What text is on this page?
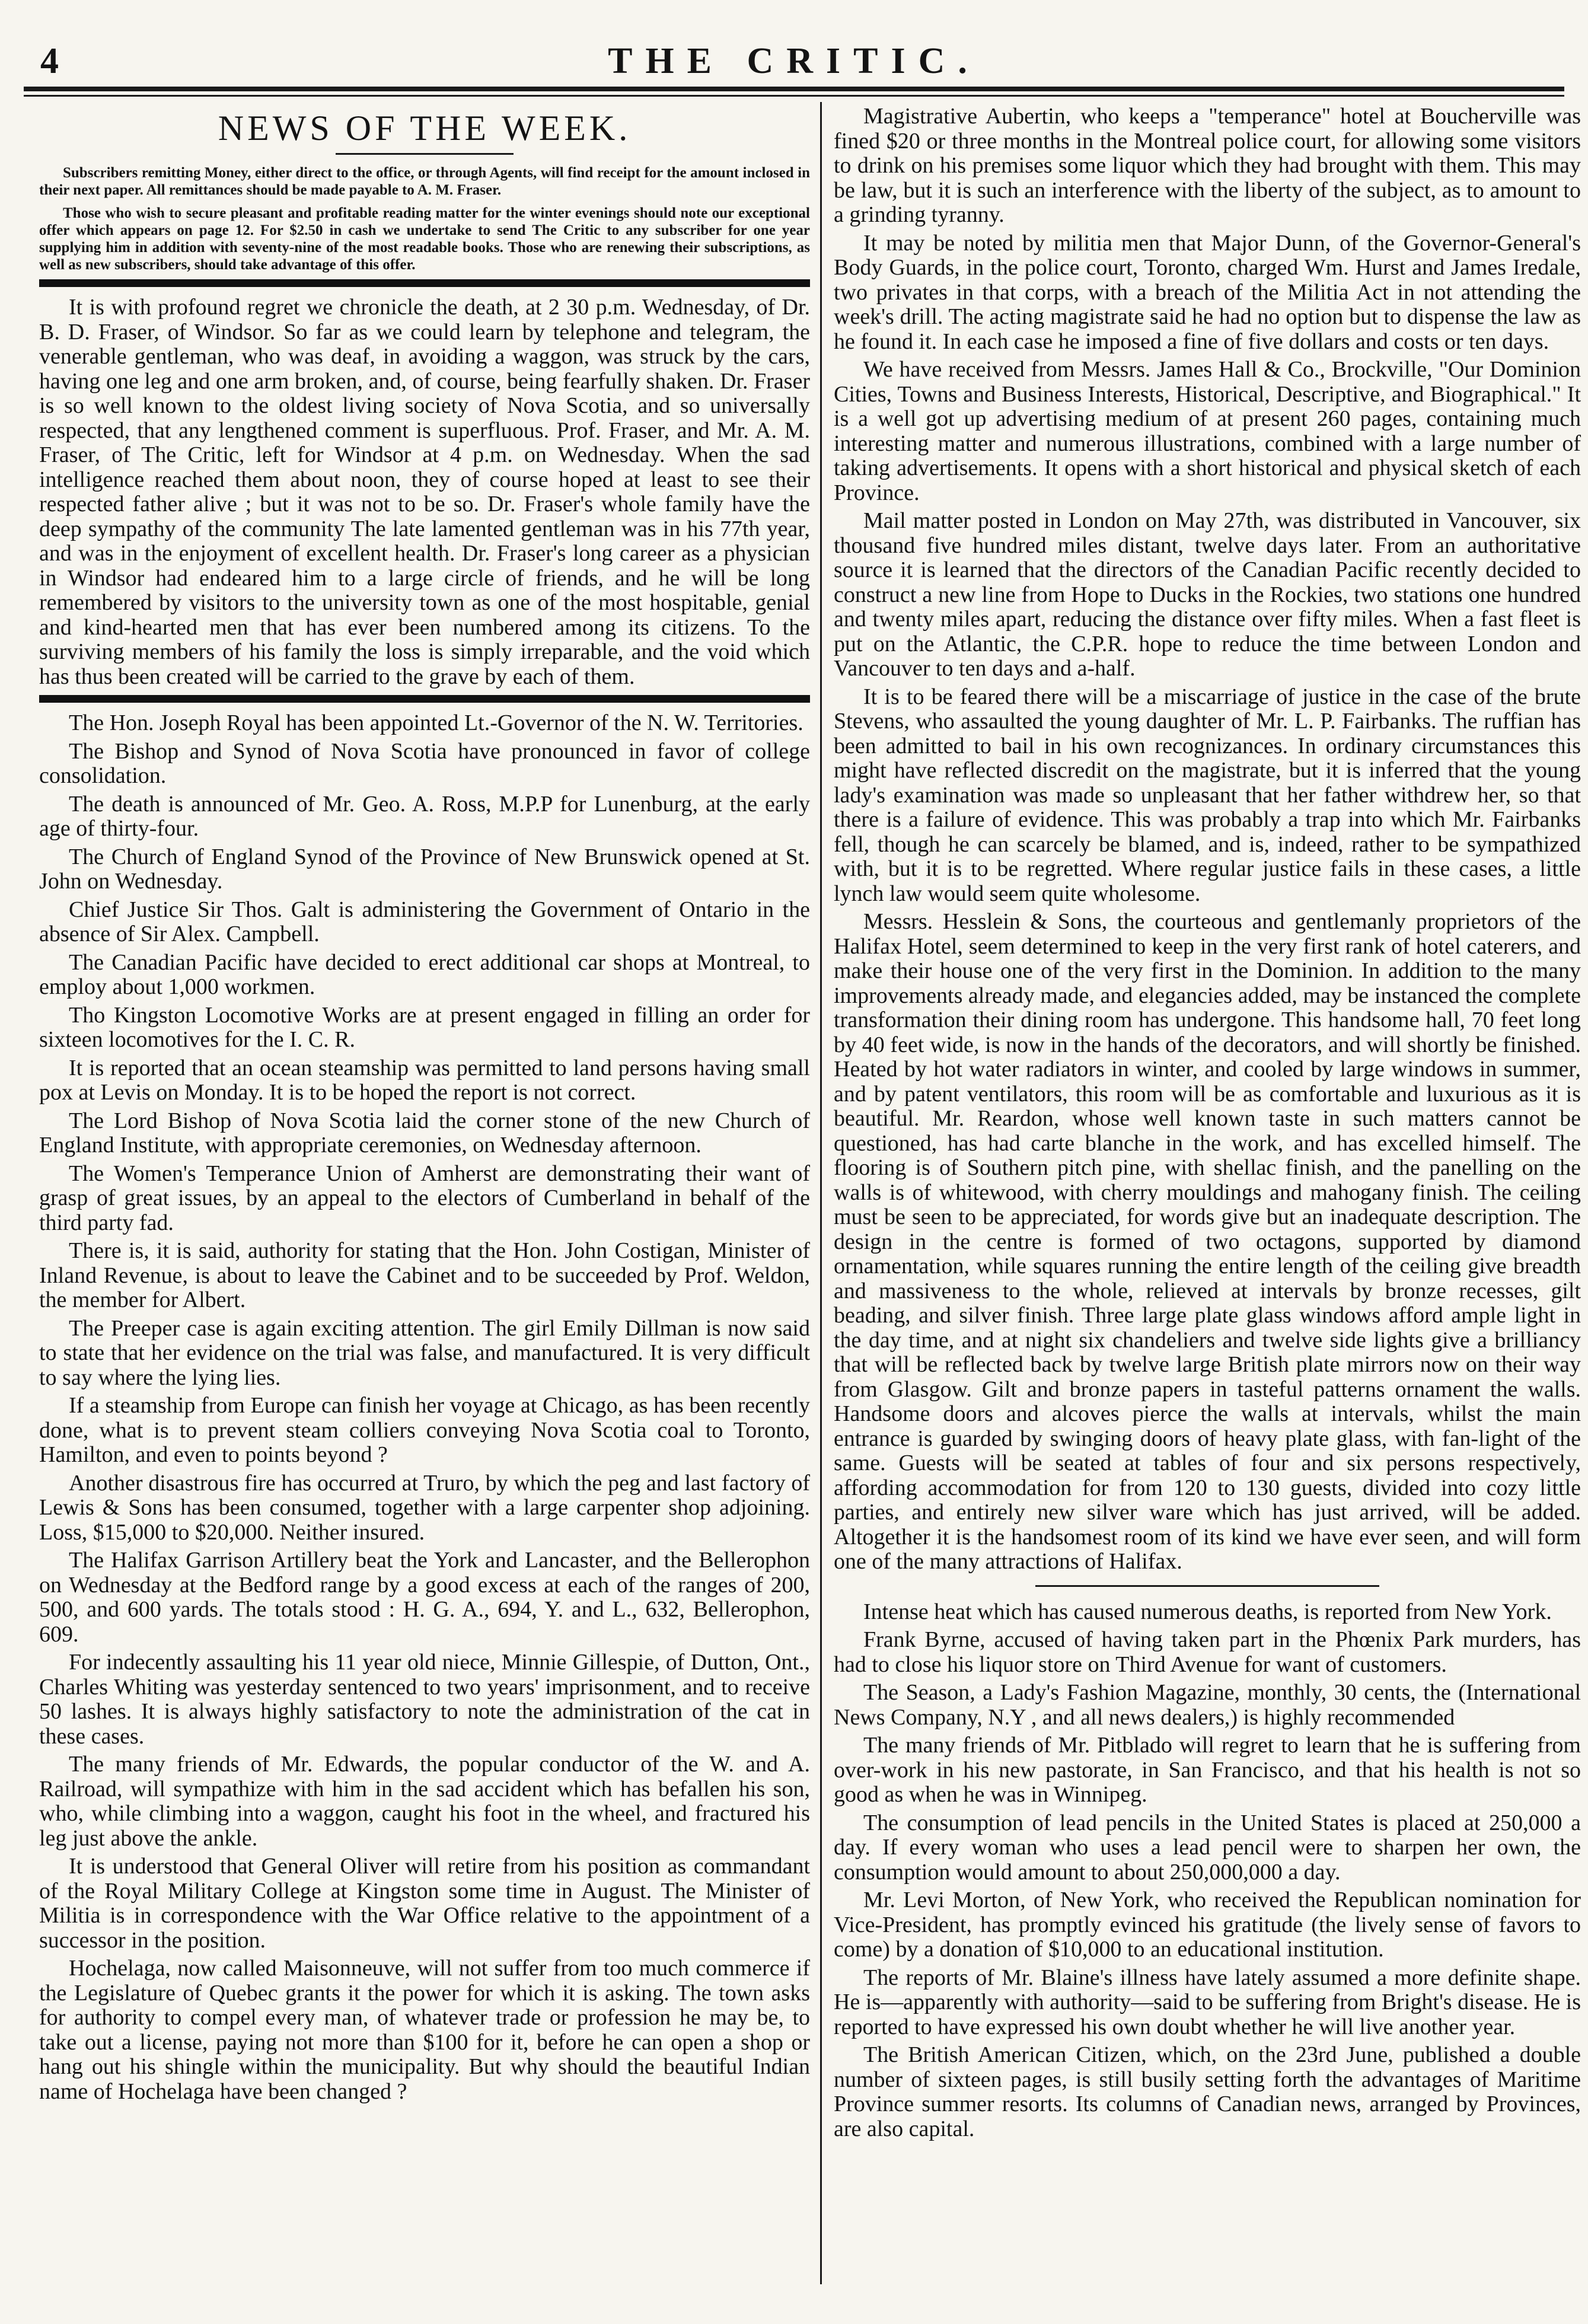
4	THE CRITIC.
NEWS OF THE WEEK.

Subscribers remitting Money, either direct to the office, or through Agents, will find receipt for the amount inclosed in their next paper. All remittances should be made payable to A. M. Fraser.

Those who wish to secure pleasant and profitable reading matter for the winter evenings should note our exceptional offer which appears on page 12. For $2.50 in cash we undertake to send The Critic to any subscriber for one year supplying him in addition with seventy-nine of the most readable books. Those who are renewing their subscriptions, as well as new subscribers, should take advantage of this offer.

It is with profound regret we chronicle the death, at 2 30 p.m. Wednesday, of Dr. B. D. Fraser, of Windsor. So far as we could learn by telephone and telegram, the venerable gentleman, who was deaf, in avoiding a waggon, was struck by the cars, having one leg and one arm broken, and, of course, being fearfully shaken. Dr. Fraser is so well known to the oldest living society of Nova Scotia, and so universally respected, that any lengthened comment is superfluous. Prof. Fraser, and Mr. A. M. Fraser, of The Critic, left for Windsor at 4 p.m. on Wednesday. When the sad intelligence reached them about noon, they of course hoped at least to see their respected father alive ; but it was not to be so. Dr. Fraser's whole family have the deep sympathy of the community The late lamented gentleman was in his 77th year, and was in the enjoyment of excellent health. Dr. Fraser's long career as a physician in Windsor had endeared him to a large circle of friends, and he will be long remembered by visitors to the university town as one of the most hospitable, genial and kind-hearted men that has ever been numbered among its citizens. To the surviving members of his family the loss is simply irreparable, and the void which has thus been created will be carried to the grave by each of them.

The Hon. Joseph Royal has been appointed Lt.-Governor of the N. W. Territories.

The Bishop and Synod of Nova Scotia have pronounced in favor of college consolidation.

The death is announced of Mr. Geo. A. Ross, M.P.P for Lunenburg, at the early age of thirty-four.

The Church of England Synod of the Province of New Brunswick opened at St. John on Wednesday.

Chief Justice Sir Thos. Galt is administering the Government of Ontario in the absence of Sir Alex. Campbell.

The Canadian Pacific have decided to erect additional car shops at Montreal, to employ about 1,000 workmen.

Tho Kingston Locomotive Works are at present engaged in filling an order for sixteen locomotives for the I. C. R.

It is reported that an ocean steamship was permitted to land persons having small pox at Levis on Monday. It is to be hoped the report is not correct.

The Lord Bishop of Nova Scotia laid the corner stone of the new Church of England Institute, with appropriate ceremonies, on Wednesday afternoon.

The Women's Temperance Union of Amherst are demonstrating their want of grasp of great issues, by an appeal to the electors of Cumberland in behalf of the third party fad.

There is, it is said, authority for stating that the Hon. John Costigan, Minister of Inland Revenue, is about to leave the Cabinet and to be succeeded by Prof. Weldon, the member for Albert.

The Preeper case is again exciting attention. The girl Emily Dillman is now said to state that her evidence on the trial was false, and manufactured. It is very difficult to say where the lying lies.

If a steamship from Europe can finish her voyage at Chicago, as has been recently done, what is to prevent steam colliers conveying Nova Scotia coal to Toronto, Hamilton, and even to points beyond ?

Another disastrous fire has occurred at Truro, by which the peg and last factory of Lewis & Sons has been consumed, together with a large carpenter shop adjoining. Loss, $15,000 to $20,000. Neither insured.

The Halifax Garrison Artillery beat the York and Lancaster, and the Bellerophon on Wednesday at the Bedford range by a good excess at each of the ranges of 200, 500, and 600 yards. The totals stood : H. G. A., 694, Y. and L., 632, Bellerophon, 609.

For indecently assaulting his 11 year old niece, Minnie Gillespie, of Dutton, Ont., Charles Whiting was yesterday sentenced to two years' imprisonment, and to receive 50 lashes. It is always highly satisfactory to note the administration of the cat in these cases.

The many friends of Mr. Edwards, the popular conductor of the W. and A. Railroad, will sympathize with him in the sad accident which has befallen his son, who, while climbing into a waggon, caught his foot in the wheel, and fractured his leg just above the ankle.

It is understood that General Oliver will retire from his position as commandant of the Royal Military College at Kingston some time in August. The Minister of Militia is in correspondence with the War Office relative to the appointment of a successor in the position.

Hochelaga, now called Maisonneuve, will not suffer from too much commerce if the Legislature of Quebec grants it the power for which it is asking. The town asks for authority to compel every man, of whatever trade or profession he may be, to take out a license, paying not more than $100 for it, before he can open a shop or hang out his shingle within the municipality. But why should the beautiful Indian name of Hochelaga have been changed ?

Magistrative Aubertin, who keeps a "temperance" hotel at Boucherville was fined $20 or three months in the Montreal police court, for allowing some visitors to drink on his premises some liquor which they had brought with them. This may be law, but it is such an interference with the liberty of the subject, as to amount to a grinding tyranny.

It may be noted by militia men that Major Dunn, of the Governor-General's Body Guards, in the police court, Toronto, charged Wm. Hurst and James Iredale, two privates in that corps, with a breach of the Militia Act in not attending the week's drill. The acting magistrate said he had no option but to dispense the law as he found it. In each case he imposed a fine of five dollars and costs or ten days.

We have received from Messrs. James Hall & Co., Brockville, "Our Dominion Cities, Towns and Business Interests, Historical, Descriptive, and Biographical." It is a well got up advertising medium of at present 260 pages, containing much interesting matter and numerous illustrations, combined with a large number of taking advertisements. It opens with a short historical and physical sketch of each Province.

Mail matter posted in London on May 27th, was distributed in Vancouver, six thousand five hundred miles distant, twelve days later. From an authoritative source it is learned that the directors of the Canadian Pacific recently decided to construct a new line from Hope to Ducks in the Rockies, two stations one hundred and twenty miles apart, reducing the distance over fifty miles. When a fast fleet is put on the Atlantic, the C.P.R. hope to reduce the time between London and Vancouver to ten days and a-half.

It is to be feared there will be a miscarriage of justice in the case of the brute Stevens, who assaulted the young daughter of Mr. L. P. Fairbanks. The ruffian has been admitted to bail in his own recognizances. In ordinary circumstances this might have reflected discredit on the magistrate, but it is inferred that the young lady's examination was made so unpleasant that her father withdrew her, so that there is a failure of evidence. This was probably a trap into which Mr. Fairbanks fell, though he can scarcely be blamed, and is, indeed, rather to be sympathized with, but it is to be regretted. Where regular justice fails in these cases, a little lynch law would seem quite wholesome.

Messrs. Hesslein & Sons, the courteous and gentlemanly proprietors of the Halifax Hotel, seem determined to keep in the very first rank of hotel caterers, and make their house one of the very first in the Dominion. In addition to the many improvements already made, and elegancies added, may be instanced the complete transformation their dining room has undergone. This handsome hall, 70 feet long by 40 feet wide, is now in the hands of the decorators, and will shortly be finished. Heated by hot water radiators in winter, and cooled by large windows in summer, and by patent ventilators, this room will be as comfortable and luxurious as it is beautiful. Mr. Reardon, whose well known taste in such matters cannot be questioned, has had carte blanche in the work, and has excelled himself. The flooring is of Southern pitch pine, with shellac finish, and the panelling on the walls is of whitewood, with cherry mouldings and mahogany finish. The ceiling must be seen to be appreciated, for words give but an inadequate description. The design in the centre is formed of two octagons, supported by diamond ornamentation, while squares running the entire length of the ceiling give breadth and massiveness to the whole, relieved at intervals by bronze recesses, gilt beading, and silver finish. Three large plate glass windows afford ample light in the day time, and at night six chandeliers and twelve side lights give a brilliancy that will be reflected back by twelve large British plate mirrors now on their way from Glasgow. Gilt and bronze papers in tasteful patterns ornament the walls. Handsome doors and alcoves pierce the walls at intervals, whilst the main entrance is guarded by swinging doors of heavy plate glass, with fan-light of the same. Guests will be seated at tables of four and six persons respectively, affording accommodation for from 120 to 130 guests, divided into cozy little parties, and entirely new silver ware which has just arrived, will be added. Altogether it is the handsomest room of its kind we have ever seen, and will form one of the many attractions of Halifax.

Intense heat which has caused numerous deaths, is reported from New York.

Frank Byrne, accused of having taken part in the Phœnix Park murders, has had to close his liquor store on Third Avenue for want of customers.

The Season, a Lady's Fashion Magazine, monthly, 30 cents, the (International News Company, N.Y , and all news dealers,) is highly recommended

The many friends of Mr. Pitblado will regret to learn that he is suffering from over-work in his new pastorate, in San Francisco, and that his health is not so good as when he was in Winnipeg.

The consumption of lead pencils in the United States is placed at 250,000 a day. If every woman who uses a lead pencil were to sharpen her own, the consumption would amount to about 250,000,000 a day.

Mr. Levi Morton, of New York, who received the Republican nomination for Vice-President, has promptly evinced his gratitude (the lively sense of favors to come) by a donation of $10,000 to an educational institution.

The reports of Mr. Blaine's illness have lately assumed a more definite shape. He is—apparently with authority—said to be suffering from Bright's disease. He is reported to have expressed his own doubt whether he will live another year.

The British American Citizen, which, on the 23rd June, published a double number of sixteen pages, is still busily setting forth the advantages of Maritime Province summer resorts. Its columns of Canadian news, arranged by Provinces, are also capital.
